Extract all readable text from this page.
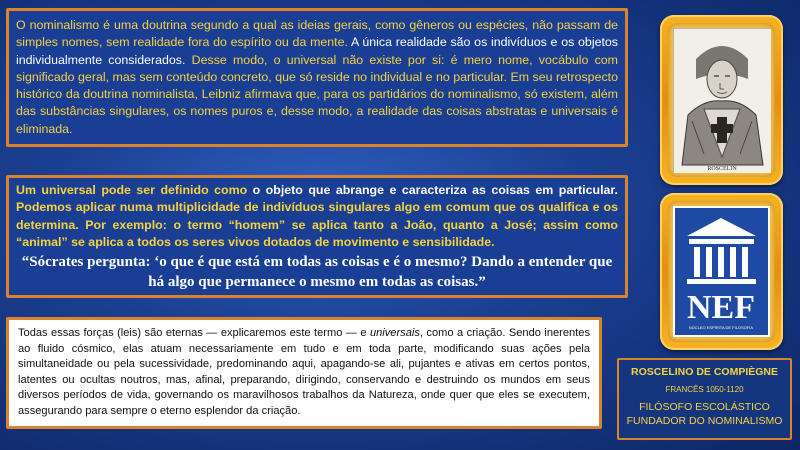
O nominalismo é uma doutrina segundo a qual as ideias gerais, como gêneros ou espécies, não passam de simples nomes, sem realidade fora do espírito ou da mente. A única realidade são os indivíduos e os objetos individualmente considerados. Desse modo, o universal não existe por si: é mero nome, vocábulo com significado geral, mas sem conteúdo concreto, que só reside no individual e no particular. Em seu retrospecto histórico da doutrina nominalista, Leibniz afirmava que, para os partidários do nominalismo, só existem, além das substâncias singulares, os nomes puros e, desse modo, a realidade das coisas abstratas e universais é eliminada.
Um universal pode ser definido como o objeto que abrange e caracteriza as coisas em particular. Podemos aplicar numa multiplicidade de indivíduos singulares algo em comum que os qualifica e os determina. Por exemplo: o termo “homem” se aplica tanto a João, quanto a José; assim como “animal” se aplica a todos os seres vivos dotados de movimento e sensibilidade.
“Sócrates pergunta: ‘o que é que está em todas as coisas e é o mesmo? Dando a entender que há algo que permanece o mesmo em todas as coisas.”
Todas essas forças (leis) são eternas — explicaremos este termo — e universais, como a criação. Sendo inerentes ao fluido cósmico, elas atuam necessariamente em tudo e em toda parte, modificando suas ações pela simultaneidade ou pela sucessividade, predominando aqui, apagando-se ali, pujantes e ativas em certos pontos, latentes ou ocultas noutros, mas, afinal, preparando, dirigindo, conservando e destruindo os mundos em seus diversos períodos de vida, governando os maravilhosos trabalhos da Natureza, onde quer que eles se executem, assegurando para sempre o eterno esplendor da criação.
ROSCELINO DE COMPIÈGNE
FRANCÊS 1050-1120
FILÓSOFO ESCOLÁSTICO
FUNDADOR DO NOMINALISMO
ROSCELIN
NEF
NÚCLEO ESPÍRITA DE FILOSOFIA
